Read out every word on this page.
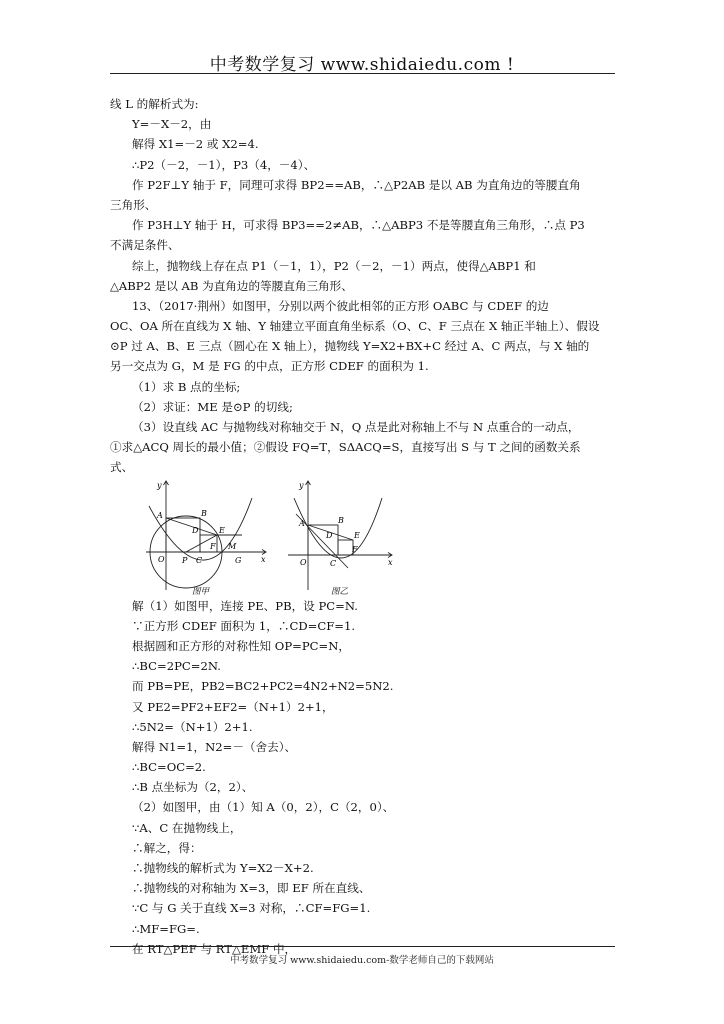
中考数学复习 www.shidaiedu.com !
线 L 的解析式为:
Y=－X－2，由
解得 X1=－2 或 X2=4.
∴P2（－2，－1），P3（4，－4）、
作 P2F⊥Y 轴于 F，同理可求得 BP2==AB，∴△P2AB 是以 AB 为直角边的等腰直角
三角形、
作 P3H⊥Y 轴于 H，可求得 BP3==2≠AB，∴△ABP3 不是等腰直角三角形，∴点 P3
不满足条件、
综上，抛物线上存在点 P1（－1，1），P2（－2，－1）两点，使得△ABP1 和
△ABP2 是以 AB 为直角边的等腰直角三角形、
13、（2017·荆州）如图甲，分别以两个彼此相邻的正方形 OABC 与 CDEF 的边
OC、OA 所在直线为 X 轴、Y 轴建立平面直角坐标系（O、C、F 三点在 X 轴正半轴上）、假设
⊙P 过 A、B、E 三点（圆心在 X 轴上），抛物线 Y=X2+BX+C 经过 A、C 两点，与 X 轴的
另一交点为 G，M 是 FG 的中点，正方形 CDEF 的面积为 1.
（1）求 B 点的坐标;
（2）求证：ME 是⊙P 的切线;
（3）设直线 AC 与抛物线对称轴交于 N，Q 点是此对称轴上不与 N 点重合的一动点，
①求△ACQ 周长的最小值；②假设 FQ=T，SΔACQ=S，直接写出 S 与 T 之间的函数关系
式、
y
x
O
A	B
D	E
F
C
M
G
P
图甲
y
x
O
A	B
D	E
C
F
图乙
解（1）如图甲，连接 PE、PB，设 PC=N.
∵正方形 CDEF 面积为 1，∴CD=CF=1.
根据圆和正方形的对称性知 OP=PC=N，
∴BC=2PC=2N.
而 PB=PE，PB2=BC2+PC2=4N2+N2=5N2.
又 PE2=PF2+EF2=（N+1）2+1，
∴5N2=（N+1）2+1.
解得 N1=1，N2=－（舍去）、
∴BC=OC=2.
∴B 点坐标为（2，2）、
（2）如图甲，由（1）知 A（0，2），C（2，0）、
∵A、C 在抛物线上，
∴解之，得：
∴抛物线的解析式为 Y=X2－X+2.
∴抛物线的对称轴为 X=3，即 EF 所在直线、
∵C 与 G 关于直线 X=3 对称，∴CF=FG=1.
∴MF=FG=.
在 RT△PEF 与 RT△EMF 中，
中考数学复习 www.shidaiedu.com-数学老师自己的下载网站
